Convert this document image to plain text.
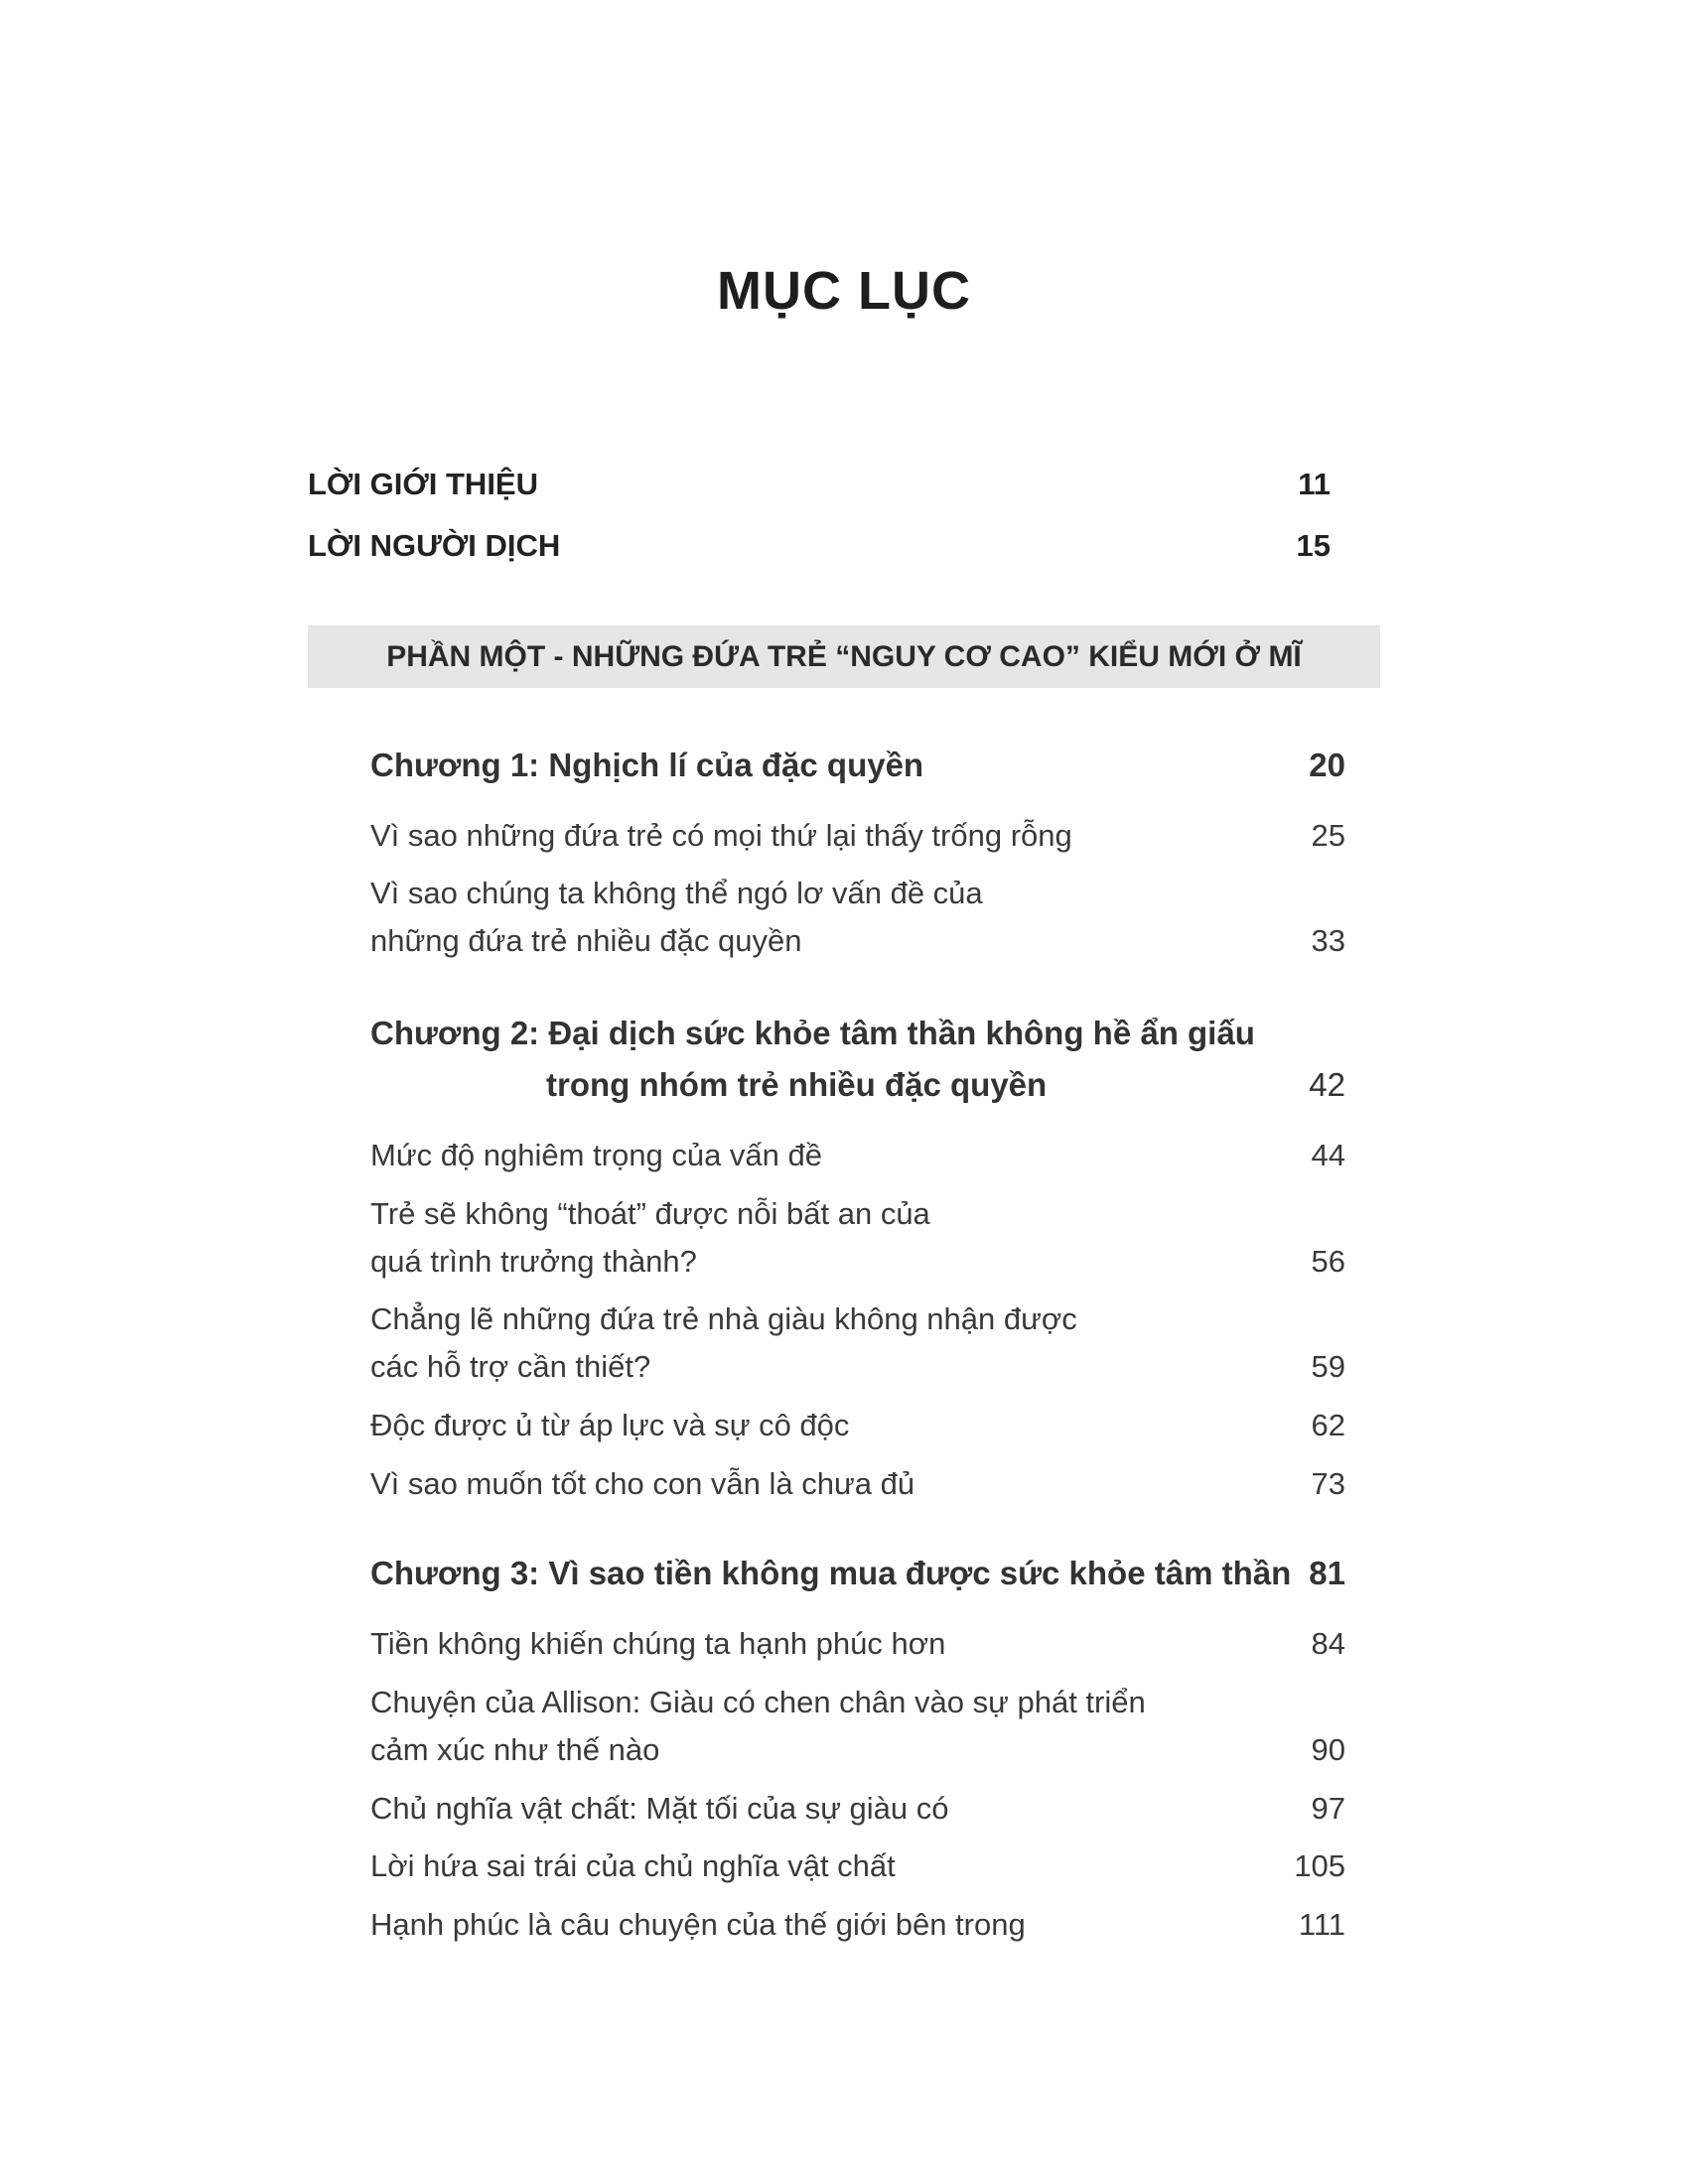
MỤC LỤC
LỜI GIỚI THIỆU	11
LỜI NGƯỜI DỊCH	15
PHẦN MỘT - NHỮNG ĐỨA TRẺ “NGUY CƠ CAO” KIỂU MỚI Ở MĨ
Chương 1: Nghịch lí của đặc quyền	20
Vì sao những đứa trẻ có mọi thứ lại thấy trống rỗng	25
Vì sao chúng ta không thể ngó lơ vấn đề của
những đứa trẻ nhiều đặc quyền	33
Chương 2: Đại dịch sức khỏe tâm thần không hề ẩn giấu
trong nhóm trẻ nhiều đặc quyền	42
Mức độ nghiêm trọng của vấn đề	44
Trẻ sẽ không “thoát” được nỗi bất an của
quá trình trưởng thành?	56
Chẳng lẽ những đứa trẻ nhà giàu không nhận được
các hỗ trợ cần thiết?	59
Độc được ủ từ áp lực và sự cô độc	62
Vì sao muốn tốt cho con vẫn là chưa đủ	73
Chương 3: Vì sao tiền không mua được sức khỏe tâm thần 81
Tiền không khiến chúng ta hạnh phúc hơn	84
Chuyện của Allison: Giàu có chen chân vào sự phát triển
cảm xúc như thế nào	90
Chủ nghĩa vật chất: Mặt tối của sự giàu có	97
Lời hứa sai trái của chủ nghĩa vật chất	105
Hạnh phúc là câu chuyện của thế giới bên trong	111
